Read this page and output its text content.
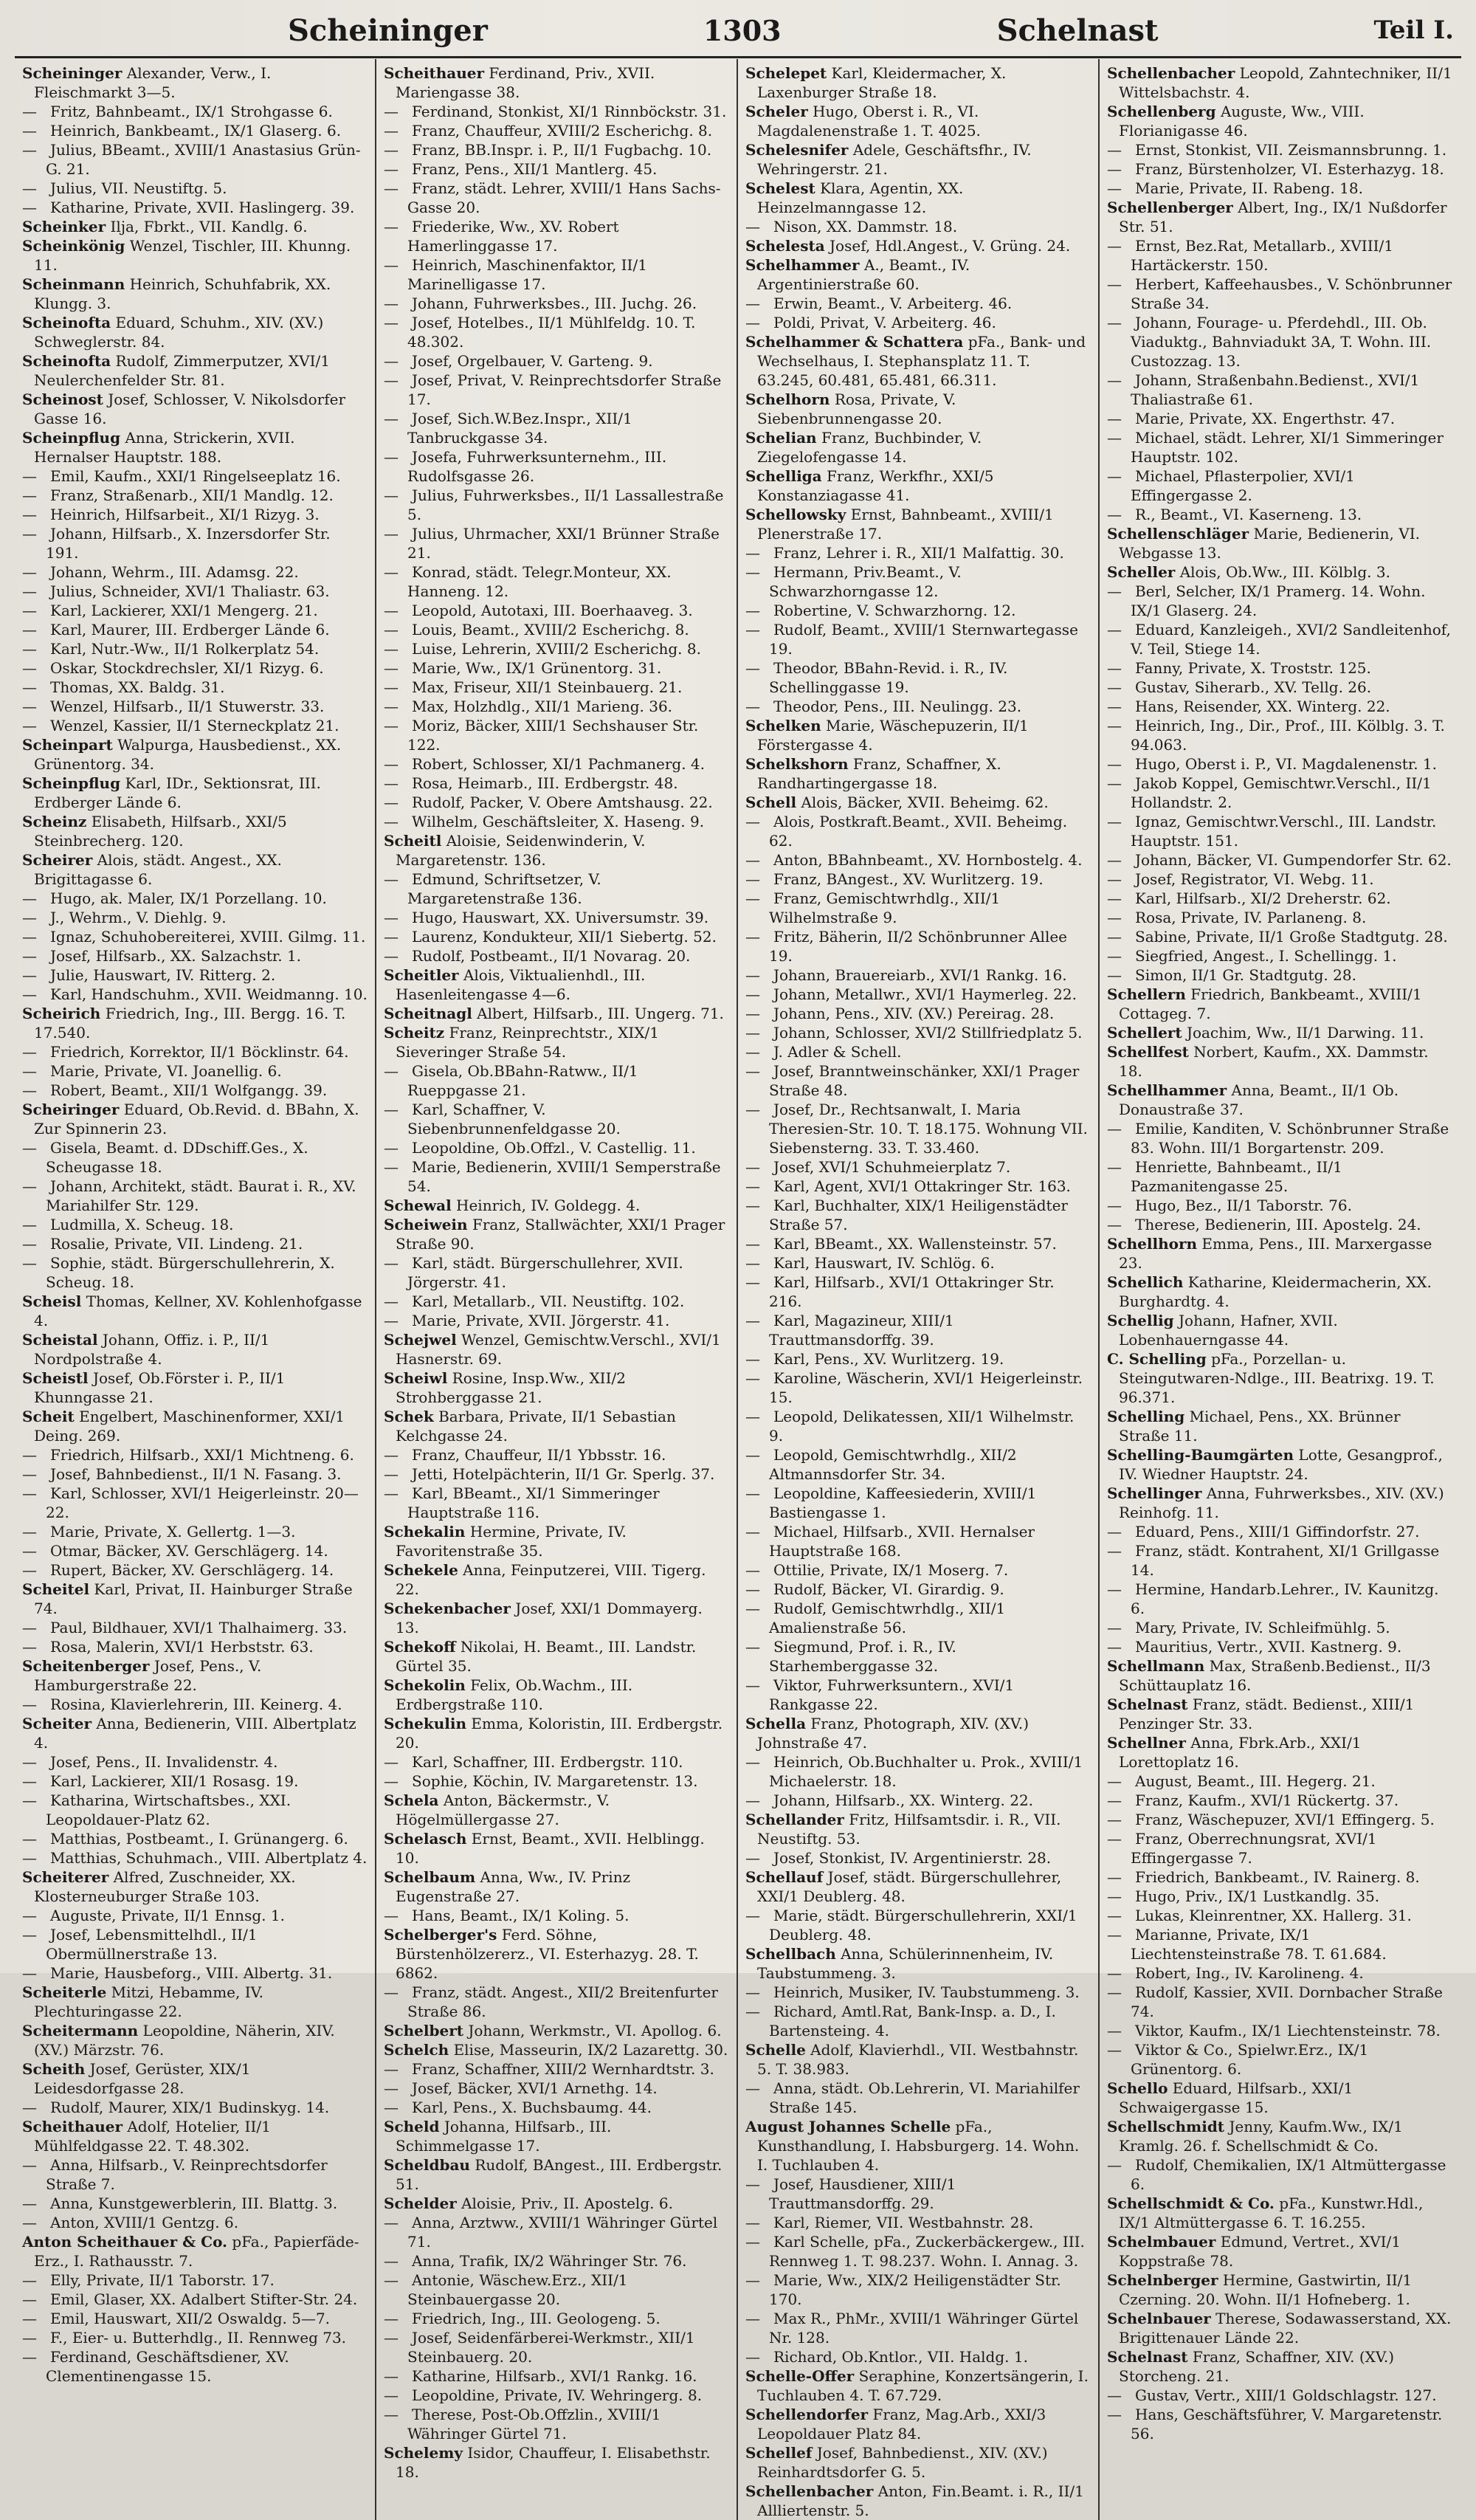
Scheininger	1303	Schelnast	Teil I.

Scheininger Alexander, Verw., I. Fleischmarkt 3—5.

— Fritz, Bahnbeamt., IX/1 Strohgasse 6.

— Heinrich, Bankbeamt., IX/1 Glaserg. 6.

— Julius, BBeamt., XVIII/1 Anastasius Grün-G. 21.

— Julius, VII. Neustiftg. 5.

— Katharine, Private, XVII. Haslingerg. 39.

Scheinker Ilja, Fbrkt., VII. Kandlg. 6.

Scheinkönig Wenzel, Tischler, III. Khunng. 11.

Scheinmann Heinrich, Schuhfabrik, XX. Klungg. 3.

Scheinofta Eduard, Schuhm., XIV. (XV.) Schweglerstr. 84.

Scheinofta Rudolf, Zimmerputzer, XVI/1 Neulerchenfelder Str. 81.

Scheinost Josef, Schlosser, V. Nikolsdorfer Gasse 16.

Scheinpflug Anna, Strickerin, XVII. Hernalser Hauptstr. 188.

— Emil, Kaufm., XXI/1 Ringelseeplatz 16.

— Franz, Straßenarb., XII/1 Mandlg. 12.

— Heinrich, Hilfsarbeit., XI/1 Rizyg. 3.

— Johann, Hilfsarb., X. Inzersdorfer Str. 191.

— Johann, Wehrm., III. Adamsg. 22.

— Julius, Schneider, XVI/1 Thaliastr. 63.

— Karl, Lackierer, XXI/1 Mengerg. 21.

— Karl, Maurer, III. Erdberger Lände 6.

— Karl, Nutr.-Ww., II/1 Rolkerplatz 54.

— Oskar, Stockdrechsler, XI/1 Rizyg. 6.

— Thomas, XX. Baldg. 31.

— Wenzel, Hilfsarb., II/1 Stuwerstr. 33.

— Wenzel, Kassier, II/1 Sterneckplatz 21.

Scheinpart Walpurga, Hausbedienst., XX. Grünentorg. 34.

Scheinpflug Karl, IDr., Sektionsrat, III. Erdberger Lände 6.

Scheinz Elisabeth, Hilfsarb., XXI/5 Steinbrecherg. 120.

Scheirer Alois, städt. Angest., XX. Brigittagasse 6.

— Hugo, ak. Maler, IX/1 Porzellang. 10.

— J., Wehrm., V. Diehlg. 9.

— Ignaz, Schuhobereiterei, XVIII. Gilmg. 11.

— Josef, Hilfsarb., XX. Salzachstr. 1.

— Julie, Hauswart, IV. Ritterg. 2.

— Karl, Handschuhm., XVII. Weidmanng. 10.

Scheirich Friedrich, Ing., III. Bergg. 16. T. 17.540.

— Friedrich, Korrektor, II/1 Böcklinstr. 64.

— Marie, Private, VI. Joanellig. 6.

— Robert, Beamt., XII/1 Wolfgangg. 39.

Scheiringer Eduard, Ob.Revid. d. BBahn, X. Zur Spinnerin 23.

— Gisela, Beamt. d. DDschiff.Ges., X. Scheugasse 18.

— Johann, Architekt, städt. Baurat i. R., XV. Mariahilfer Str. 129.

— Ludmilla, X. Scheug. 18.

— Rosalie, Private, VII. Lindeng. 21.

— Sophie, städt. Bürgerschullehrerin, X. Scheug. 18.

Scheisl Thomas, Kellner, XV. Kohlenhofgasse 4.

Scheistal Johann, Offiz. i. P., II/1 Nordpolstraße 4.

Scheistl Josef, Ob.Förster i. P., II/1 Khunngasse 21.

Scheit Engelbert, Maschinenformer, XXI/1 Deing. 269.

— Friedrich, Hilfsarb., XXI/1 Michtneng. 6.

— Josef, Bahnbedienst., II/1 N. Fasang. 3.

— Karl, Schlosser, XVI/1 Heigerleinstr. 20—22.

— Marie, Private, X. Gellertg. 1—3.

— Otmar, Bäcker, XV. Gerschlägerg. 14.

— Rupert, Bäcker, XV. Gerschlägerg. 14.

Scheitel Karl, Privat, II. Hainburger Straße 74.

— Paul, Bildhauer, XVI/1 Thalhaimerg. 33.

— Rosa, Malerin, XVI/1 Herbststr. 63.

Scheitenberger Josef, Pens., V. Hamburgerstraße 22.

— Rosina, Klavierlehrerin, III. Keinerg. 4.

Scheiter Anna, Bedienerin, VIII. Albertplatz 4.

— Josef, Pens., II. Invalidenstr. 4.

— Karl, Lackierer, XII/1 Rosasg. 19.

— Katharina, Wirtschaftsbes., XXI. Leopoldauer-Platz 62.

— Matthias, Postbeamt., I. Grünangerg. 6.

— Matthias, Schuhmach., VIII. Albertplatz 4.

Scheiterer Alfred, Zuschneider, XX. Klosterneuburger Straße 103.

— Auguste, Private, II/1 Ennsg. 1.

— Josef, Lebensmittelhdl., II/1 Obermüllnerstraße 13.

— Marie, Hausbeforg., VIII. Albertg. 31.

Scheiterle Mitzi, Hebamme, IV. Plechturingasse 22.

Scheitermann Leopoldine, Näherin, XIV. (XV.) Märzstr. 76.

Scheith Josef, Gerüster, XIX/1 Leidesdorfgasse 28.

— Rudolf, Maurer, XIX/1 Budinskyg. 14.

Scheithauer Adolf, Hotelier, II/1 Mühlfeldgasse 22. T. 48.302.

— Anna, Hilfsarb., V. Reinprechtsdorfer Straße 7.

— Anna, Kunstgewerblerin, III. Blattg. 3.

— Anton, XVIII/1 Gentzg. 6.

Anton Scheithauer & Co. pFa., Papierfäde-Erz., I. Rathausstr. 7.

— Elly, Private, II/1 Taborstr. 17.

— Emil, Glaser, XX. Adalbert Stifter-Str. 24.

— Emil, Hauswart, XII/2 Oswaldg. 5—7.

— F., Eier- u. Butterhdlg., II. Rennweg 73.

— Ferdinand, Geschäftsdiener, XV. Clementinengasse 15.

Scheithauer Ferdinand, Priv., XVII. Mariengasse 38.

— Ferdinand, Stonkist, XI/1 Rinnböckstr. 31.

— Franz, Chauffeur, XVIII/2 Escherichg. 8.

— Franz, BB.Inspr. i. P., II/1 Fugbachg. 10.

— Franz, Pens., XII/1 Mantlerg. 45.

— Franz, städt. Lehrer, XVIII/1 Hans Sachs-Gasse 20.

— Friederike, Ww., XV. Robert Hamerlinggasse 17.

— Heinrich, Maschinenfaktor, II/1 Marinelligasse 17.

— Johann, Fuhrwerksbes., III. Juchg. 26.

— Josef, Hotelbes., II/1 Mühlfeldg. 10. T. 48.302.

— Josef, Orgelbauer, V. Garteng. 9.

— Josef, Privat, V. Reinprechtsdorfer Straße 17.

— Josef, Sich.W.Bez.Inspr., XII/1 Tanbruckgasse 34.

— Josefa, Fuhrwerksunternehm., III. Rudolfsgasse 26.

— Julius, Fuhrwerksbes., II/1 Lassallestraße 5.

— Julius, Uhrmacher, XXI/1 Brünner Straße 21.

— Konrad, städt. Telegr.Monteur, XX. Hanneng. 12.

— Leopold, Autotaxi, III. Boerhaaveg. 3.

— Louis, Beamt., XVIII/2 Escherichg. 8.

— Luise, Lehrerin, XVIII/2 Escherichg. 8.

— Marie, Ww., IX/1 Grünentorg. 31.

— Max, Friseur, XII/1 Steinbauerg. 21.

— Max, Holzhdlg., XII/1 Marieng. 36.

— Moriz, Bäcker, XIII/1 Sechshauser Str. 122.

— Robert, Schlosser, XI/1 Pachmanerg. 4.

— Rosa, Heimarb., III. Erdbergstr. 48.

— Rudolf, Packer, V. Obere Amtshausg. 22.

— Wilhelm, Geschäftsleiter, X. Haseng. 9.

Scheitl Aloisie, Seidenwinderin, V. Margaretenstr. 136.

— Edmund, Schriftsetzer, V. Margaretenstraße 136.

— Hugo, Hauswart, XX. Universumstr. 39.

— Laurenz, Kondukteur, XII/1 Siebertg. 52.

— Rudolf, Postbeamt., II/1 Novarag. 20.

Scheitler Alois, Viktualienhdl., III. Hasenleitengasse 4—6.

Scheitnagl Albert, Hilfsarb., III. Ungerg. 71.

Scheitz Franz, Reinprechtstr., XIX/1 Sieveringer Straße 54.

— Gisela, Ob.BBahn-Ratww., II/1 Rueppgasse 21.

— Karl, Schaffner, V. Siebenbrunnenfeldgasse 20.

— Leopoldine, Ob.Offzl., V. Castellig. 11.

— Marie, Bedienerin, XVIII/1 Semperstraße 54.

Schewal Heinrich, IV. Goldegg. 4.

Scheiwein Franz, Stallwächter, XXI/1 Prager Straße 90.

— Karl, städt. Bürgerschullehrer, XVII. Jörgerstr. 41.

— Karl, Metallarb., VII. Neustiftg. 102.

— Marie, Private, XVII. Jörgerstr. 41.

Schejwel Wenzel, Gemischtw.Verschl., XVI/1 Hasnerstr. 69.

Scheiwl Rosine, Insp.Ww., XII/2 Strohberggasse 21.

Schek Barbara, Private, II/1 Sebastian Kelchgasse 24.

— Franz, Chauffeur, II/1 Ybbsstr. 16.

— Jetti, Hotelpächterin, II/1 Gr. Sperlg. 37.

— Karl, BBeamt., XI/1 Simmeringer Hauptstraße 116.

Schekalin Hermine, Private, IV. Favoritenstraße 35.

Schekele Anna, Feinputzerei, VIII. Tigerg. 22.

Schekenbacher Josef, XXI/1 Dommayerg. 13.

Schekoff Nikolai, H. Beamt., III. Landstr. Gürtel 35.

Schekolin Felix, Ob.Wachm., III. Erdbergstraße 110.

Schekulin Emma, Koloristin, III. Erdbergstr. 20.

— Karl, Schaffner, III. Erdbergstr. 110.

— Sophie, Köchin, IV. Margaretenstr. 13.

Schela Anton, Bäckermstr., V. Högelmüllergasse 27.

Schelasch Ernst, Beamt., XVII. Helblingg. 10.

Schelbaum Anna, Ww., IV. Prinz Eugenstraße 27.

— Hans, Beamt., IX/1 Koling. 5.

Schelberger's Ferd. Söhne, Bürstenhölzererz., VI. Esterhazyg. 28. T. 6862.

— Franz, städt. Angest., XII/2 Breitenfurter Straße 86.

Schelbert Johann, Werkmstr., VI. Apollog. 6.

Schelch Elise, Masseurin, IX/2 Lazarettg. 30.

— Franz, Schaffner, XIII/2 Wernhardtstr. 3.

— Josef, Bäcker, XVI/1 Arnethg. 14.

— Karl, Pens., X. Buchsbaumg. 44.

Scheld Johanna, Hilfsarb., III. Schimmelgasse 17.

Scheldbau Rudolf, BAngest., III. Erdbergstr. 51.

Schelder Aloisie, Priv., II. Apostelg. 6.

— Anna, Arztww., XVIII/1 Währinger Gürtel 71.

— Anna, Trafik, IX/2 Währinger Str. 76.

— Antonie, Wäschew.Erz., XII/1 Steinbauergasse 20.

— Friedrich, Ing., III. Geologeng. 5.

— Josef, Seidenfärberei-Werkmstr., XII/1 Steinbauerg. 20.

— Katharine, Hilfsarb., XVI/1 Rankg. 16.

— Leopoldine, Private, IV. Wehringerg. 8.

— Therese, Post-Ob.Offzlin., XVIII/1 Währinger Gürtel 71.

Schelemy Isidor, Chauffeur, I. Elisabethstr. 18.

Schelepet Karl, Kleidermacher, X. Laxenburger Straße 18.

Scheler Hugo, Oberst i. R., VI. Magdalenenstraße 1. T. 4025.

Schelesnifer Adele, Geschäftsfhr., IV. Wehringerstr. 21.

Schelest Klara, Agentin, XX. Heinzelmanngasse 12.

— Nison, XX. Dammstr. 18.

Schelesta Josef, Hdl.Angest., V. Grüng. 24.

Schelhammer A., Beamt., IV. Argentinierstraße 60.

— Erwin, Beamt., V. Arbeiterg. 46.

— Poldi, Privat, V. Arbeiterg. 46.

Schelhammer & Schattera pFa., Bank- und Wechselhaus, I. Stephansplatz 11. T. 63.245, 60.481, 65.481, 66.311.

Schelhorn Rosa, Private, V. Siebenbrunnengasse 20.

Schelian Franz, Buchbinder, V. Ziegelofengasse 14.

Schelliga Franz, Werkfhr., XXI/5 Konstanziagasse 41.

Schellowsky Ernst, Bahnbeamt., XVIII/1 Plenerstraße 17.

— Franz, Lehrer i. R., XII/1 Malfattig. 30.

— Hermann, Priv.Beamt., V. Schwarzhorngasse 12.

— Robertine, V. Schwarzhorng. 12.

— Rudolf, Beamt., XVIII/1 Sternwartegasse 19.

— Theodor, BBahn-Revid. i. R., IV. Schellinggasse 19.

— Theodor, Pens., III. Neulingg. 23.

Schelken Marie, Wäschepuzerin, II/1 Förstergasse 4.

Schelkshorn Franz, Schaffner, X. Randhartingergasse 18.

Schell Alois, Bäcker, XVII. Beheimg. 62.

— Alois, Postkraft.Beamt., XVII. Beheimg. 62.

— Anton, BBahnbeamt., XV. Hornbostelg. 4.

— Franz, BAngest., XV. Wurlitzerg. 19.

— Franz, Gemischtwrhdlg., XII/1 Wilhelmstraße 9.

— Fritz, Bäherin, II/2 Schönbrunner Allee 19.

— Johann, Brauereiarb., XVI/1 Rankg. 16.

— Johann, Metallwr., XVI/1 Haymerleg. 22.

— Johann, Pens., XIV. (XV.) Pereirag. 28.

— Johann, Schlosser, XVI/2 Stillfriedplatz 5.

— J. Adler & Schell.

— Josef, Branntweinschänker, XXI/1 Prager Straße 48.

— Josef, Dr., Rechtsanwalt, I. Maria Theresien-Str. 10. T. 18.175. Wohnung VII. Siebensterng. 33. T. 33.460.

— Josef, XVI/1 Schuhmeierplatz 7.

— Karl, Agent, XVI/1 Ottakringer Str. 163.

— Karl, Buchhalter, XIX/1 Heiligenstädter Straße 57.

— Karl, BBeamt., XX. Wallensteinstr. 57.

— Karl, Hauswart, IV. Schlög. 6.

— Karl, Hilfsarb., XVI/1 Ottakringer Str. 216.

— Karl, Magazineur, XIII/1 Trauttmansdorffg. 39.

— Karl, Pens., XV. Wurlitzerg. 19.

— Karoline, Wäscherin, XVI/1 Heigerleinstr. 15.

— Leopold, Delikatessen, XII/1 Wilhelmstr. 9.

— Leopold, Gemischtwrhdlg., XII/2 Altmannsdorfer Str. 34.

— Leopoldine, Kaffeesiederin, XVIII/1 Bastiengasse 1.

— Michael, Hilfsarb., XVII. Hernalser Hauptstraße 168.

— Ottilie, Private, IX/1 Moserg. 7.

— Rudolf, Bäcker, VI. Girardig. 9.

— Rudolf, Gemischtwrhdlg., XII/1 Amalienstraße 56.

— Siegmund, Prof. i. R., IV. Starhemberggasse 32.

— Viktor, Fuhrwerksuntern., XVI/1 Rankgasse 22.

Schella Franz, Photograph, XIV. (XV.) Johnstraße 47.

— Heinrich, Ob.Buchhalter u. Prok., XVIII/1 Michaelerstr. 18.

— Johann, Hilfsarb., XX. Winterg. 22.

Schellander Fritz, Hilfsamtsdir. i. R., VII. Neustiftg. 53.

— Josef, Stonkist, IV. Argentinierstr. 28.

Schellauf Josef, städt. Bürgerschullehrer, XXI/1 Deublerg. 48.

— Marie, städt. Bürgerschullehrerin, XXI/1 Deublerg. 48.

Schellbach Anna, Schülerinnenheim, IV. Taubstummeng. 3.

— Heinrich, Musiker, IV. Taubstummeng. 3.

— Richard, Amtl.Rat, Bank-Insp. a. D., I. Bartensteing. 4.

Schelle Adolf, Klavierhdl., VII. Westbahnstr. 5. T. 38.983.

— Anna, städt. Ob.Lehrerin, VI. Mariahilfer Straße 145.

August Johannes Schelle pFa., Kunsthandlung, I. Habsburgerg. 14. Wohn. I. Tuchlauben 4.

— Josef, Hausdiener, XIII/1 Trauttmansdorffg. 29.

— Karl, Riemer, VII. Westbahnstr. 28.

— Karl Schelle, pFa., Zuckerbäckergew., III. Rennweg 1. T. 98.237. Wohn. I. Annag. 3.

— Marie, Ww., XIX/2 Heiligenstädter Str. 170.

— Max R., PhMr., XVIII/1 Währinger Gürtel Nr. 128.

— Richard, Ob.Kntlor., VII. Haldg. 1.

Schelle-Offer Seraphine, Konzertsängerin, I. Tuchlauben 4. T. 67.729.

Schellendorfer Franz, Mag.Arb., XXI/3 Leopoldauer Platz 84.

Schellef Josef, Bahnbedienst., XIV. (XV.) Reinhardtsdorfer G. 5.

Schellenbacher Anton, Fin.Beamt. i. R., II/1 Allliertenstr. 5.

Schellenbacher Leopold, Zahntechniker, II/1 Wittelsbachstr. 4.

Schellenberg Auguste, Ww., VIII. Florianigasse 46.

— Ernst, Stonkist, VII. Zeismannsbrunng. 1.

— Franz, Bürstenholzer, VI. Esterhazyg. 18.

— Marie, Private, II. Rabeng. 18.

Schellenberger Albert, Ing., IX/1 Nußdorfer Str. 51.

— Ernst, Bez.Rat, Metallarb., XVIII/1 Hartäckerstr. 150.

— Herbert, Kaffeehausbes., V. Schönbrunner Straße 34.

— Johann, Fourage- u. Pferdehdl., III. Ob. Viaduktg., Bahnviadukt 3A, T. Wohn. III. Custozzag. 13.

— Johann, Straßenbahn.Bedienst., XVI/1 Thaliastraße 61.

— Marie, Private, XX. Engerthstr. 47.

— Michael, städt. Lehrer, XI/1 Simmeringer Hauptstr. 102.

— Michael, Pflasterpolier, XVI/1 Effingergasse 2.

— R., Beamt., VI. Kaserneng. 13.

Schellenschläger Marie, Bedienerin, VI. Webgasse 13.

Scheller Alois, Ob.Ww., III. Kölblg. 3.

— Berl, Selcher, IX/1 Pramerg. 14. Wohn. IX/1 Glaserg. 24.

— Eduard, Kanzleigeh., XVI/2 Sandleitenhof, V. Teil, Stiege 14.

— Fanny, Private, X. Troststr. 125.

— Gustav, Siherarb., XV. Tellg. 26.

— Hans, Reisender, XX. Winterg. 22.

— Heinrich, Ing., Dir., Prof., III. Kölblg. 3. T. 94.063.

— Hugo, Oberst i. P., VI. Magdalenenstr. 1.

— Jakob Koppel, Gemischtwr.Verschl., II/1 Hollandstr. 2.

— Ignaz, Gemischtwr.Verschl., III. Landstr. Hauptstr. 151.

— Johann, Bäcker, VI. Gumpendorfer Str. 62.

— Josef, Registrator, VI. Webg. 11.

— Karl, Hilfsarb., XI/2 Dreherstr. 62.

— Rosa, Private, IV. Parlaneng. 8.

— Sabine, Private, II/1 Große Stadtgutg. 28.

— Siegfried, Angest., I. Schellingg. 1.

— Simon, II/1 Gr. Stadtgutg. 28.

Schellern Friedrich, Bankbeamt., XVIII/1 Cottageg. 7.

Schellert Joachim, Ww., II/1 Darwing. 11.

Schellfest Norbert, Kaufm., XX. Dammstr. 18.

Schellhammer Anna, Beamt., II/1 Ob. Donaustraße 37.

— Emilie, Kanditen, V. Schönbrunner Straße 83. Wohn. III/1 Borgartenstr. 209.

— Henriette, Bahnbeamt., II/1 Pazmanitengasse 25.

— Hugo, Bez., II/1 Taborstr. 76.

— Therese, Bedienerin, III. Apostelg. 24.

Schellhorn Emma, Pens., III. Marxergasse 23.

Schellich Katharine, Kleidermacherin, XX. Burghardtg. 4.

Schellig Johann, Hafner, XVII. Lobenhauerngasse 44.

C. Schelling pFa., Porzellan- u. Steingutwaren-Ndlge., III. Beatrixg. 19. T. 96.371.

Schelling Michael, Pens., XX. Brünner Straße 11.

Schelling-Baumgärten Lotte, Gesangprof., IV. Wiedner Hauptstr. 24.

Schellinger Anna, Fuhrwerksbes., XIV. (XV.) Reinhofg. 11.

— Eduard, Pens., XIII/1 Giffindorfstr. 27.

— Franz, städt. Kontrahent, XI/1 Grillgasse 14.

— Hermine, Handarb.Lehrer., IV. Kaunitzg. 6.

— Mary, Private, IV. Schleifmühlg. 5.

— Mauritius, Vertr., XVII. Kastnerg. 9.

Schellmann Max, Straßenb.Bedienst., II/3 Schüttauplatz 16.

Schelnast Franz, städt. Bedienst., XIII/1 Penzinger Str. 33.

Schellner Anna, Fbrk.Arb., XXI/1 Lorettoplatz 16.

— August, Beamt., III. Hegerg. 21.

— Franz, Kaufm., XVI/1 Rückertg. 37.

— Franz, Wäschepuzer, XVI/1 Effingerg. 5.

— Franz, Oberrechnungsrat, XVI/1 Effingergasse 7.

— Friedrich, Bankbeamt., IV. Rainerg. 8.

— Hugo, Priv., IX/1 Lustkandlg. 35.

— Lukas, Kleinrentner, XX. Hallerg. 31.

— Marianne, Private, IX/1 Liechtensteinstraße 78. T. 61.684.

— Robert, Ing., IV. Karolineng. 4.

— Rudolf, Kassier, XVII. Dornbacher Straße 74.

— Viktor, Kaufm., IX/1 Liechtensteinstr. 78.

— Viktor & Co., Spielwr.Erz., IX/1 Grünentorg. 6.

Schello Eduard, Hilfsarb., XXI/1 Schwaigergasse 15.

Schellschmidt Jenny, Kaufm.Ww., IX/1 Kramlg. 26. f. Schellschmidt & Co.

— Rudolf, Chemikalien, IX/1 Altmüttergasse 6.

Schellschmidt & Co. pFa., Kunstwr.Hdl., IX/1 Altmüttergasse 6. T. 16.255.

Schelmbauer Edmund, Vertret., XVI/1 Koppstraße 78.

Schelnberger Hermine, Gastwirtin, II/1 Czerning. 20. Wohn. II/1 Hofneberg. 1.

Schelnbauer Therese, Sodawasserstand, XX. Brigittenauer Lände 22.

Schelnast Franz, Schaffner, XIV. (XV.) Storcheng. 21.

— Gustav, Vertr., XIII/1 Goldschlagstr. 127.

— Hans, Geschäftsführer, V. Margaretenstr. 56.
